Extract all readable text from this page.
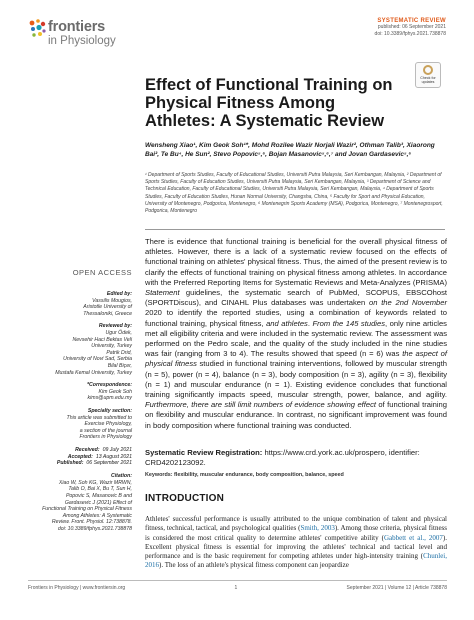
frontiers
in Physiology
SYSTEMATIC REVIEW
published: 06 September 2021
doi: 10.3389/fphys.2021.738878
Check for updates
Effect of Functional Training on Physical Fitness Among Athletes: A Systematic Review
Wensheng Xiao¹, Kim Geok Soh¹*, Mohd Rozilee Wazir Norjali Wazir², Othman Talib³, Xiaorong Bai², Te Bu⁴, He Sun², Stevo Popovic⁵,⁶, Bojan Masanovic⁵,⁶,⁷ and Jovan Gardasevic⁵,⁶
¹ Department of Sports Studies, Faculty of Educational Studies, Universiti Putra Malaysia, Seri Kembangan, Malaysia, ² Department of Sports Studies, Faculty of Education Studies, Universiti Putra Malaysia, Seri Kembangan, Malaysia, ³ Department of Science and Technical Education, Faculty of Educational Studies, Universiti Putra Malaysia, Seri Kembangan, Malaysia, ⁴ Department of Sports Studies, Faculty of Education Studies, Hunan Normal University, Changsha, China, ⁵ Faculty for Sport and Physical Education, University of Montenegro, Podgorica, Montenegro, ⁶ Montenegrin Sports Academy (MSA), Podgorica, Montenegro, ⁷ Montenegrosport, Podgorica, Montenegro
OPEN ACCESS
Edited by:
Vassilis Mougios,
Aristotle University of
Thessaloniki, Greece
Reviewed by:
Ugur Ödek,
Nevsehir Haci Bektas Veli
University, Turkey
Patrik Drid,
University of Novi Sad, Serbia
Bilal Biçer,
Mustafa Kemal University, Turkey
*Correspondence:
Kim Geok Soh
kims@upm.edu.my
Specialty section:
This article was submitted to
Exercise Physiology,
a section of the journal
Frontiers in Physiology
Received: 09 July 2021
Accepted: 13 August 2021
Published: 06 September 2021
Citation:
Xiao W, Soh KG, Wazir MRWN,
Talib O, Bai X, Bu T, Sun H,
Popovic S, Masanovic B and
Gardasevic J (2021) Effect of
Functional Training on Physical Fitness
Among Athletes: A Systematic
Review. Front. Physiol. 12:738878.
doi: 10.3389/fphys.2021.738878
There is evidence that functional training is beneficial for the overall physical fitness of athletes. However, there is a lack of a systematic review focused on the effects of functional training on athletes' physical fitness. Thus, the aimed of the present review is to clarify the effects of functional training on physical fitness among athletes. In accordance with the Preferred Reporting Items for Systematic Reviews and Meta-Analyzes (PRISMA) Statement guidelines, the systematic search of PubMed, SCOPUS, EBSCOhost (SPORTDiscus), and CINAHL Plus databases was undertaken on the 2nd November 2020 to identify the reported studies, using a combination of keywords related to functional training, physical fitness, and athletes. From the 145 studies, only nine articles met all eligibility criteria and were included in the systematic review. The assessment was performed on the Pedro scale, and the quality of the study included in the nine studies was fair (ranging from 3 to 4). The results showed that speed (n = 6) was the aspect of physical fitness studied in functional training interventions, followed by muscular strength (n = 5), power (n = 4), balance (n = 3), body composition (n = 3), agility (n = 3), flexibility (n = 1) and muscular endurance (n = 1). Existing evidence concludes that functional training significantly impacts speed, muscular strength, power, balance, and agility. Furthermore, there are still limit numbers of evidence showing effect of functional training on flexibility and muscular endurance. In contrast, no significant improvement was found in body composition where functional training was conducted.
Systematic Review Registration: https://www.crd.york.ac.uk/prospero, identifier: CRD4202123092.
Keywords: flexibility, muscular endurance, body composition, balance, speed
INTRODUCTION
Athletes' successful performance is usually attributed to the unique combination of talent and physical fitness, technical, tactical, and psychological qualities (Smith, 2003). Among those criteria, physical fitness is considered the most critical quality to determine athletes' competitive ability (Gabbett et al., 2007). Excellent physical fitness is essential for improving the athletes' technical and tactical level and performance and is the basic requirement for competing athletes under high-intensity training (Chunlei, 2016). The loss of an athlete's physical fitness component can jeopardize
Frontiers in Physiology | www.frontiersin.org	1	September 2021 | Volume 12 | Article 738878
